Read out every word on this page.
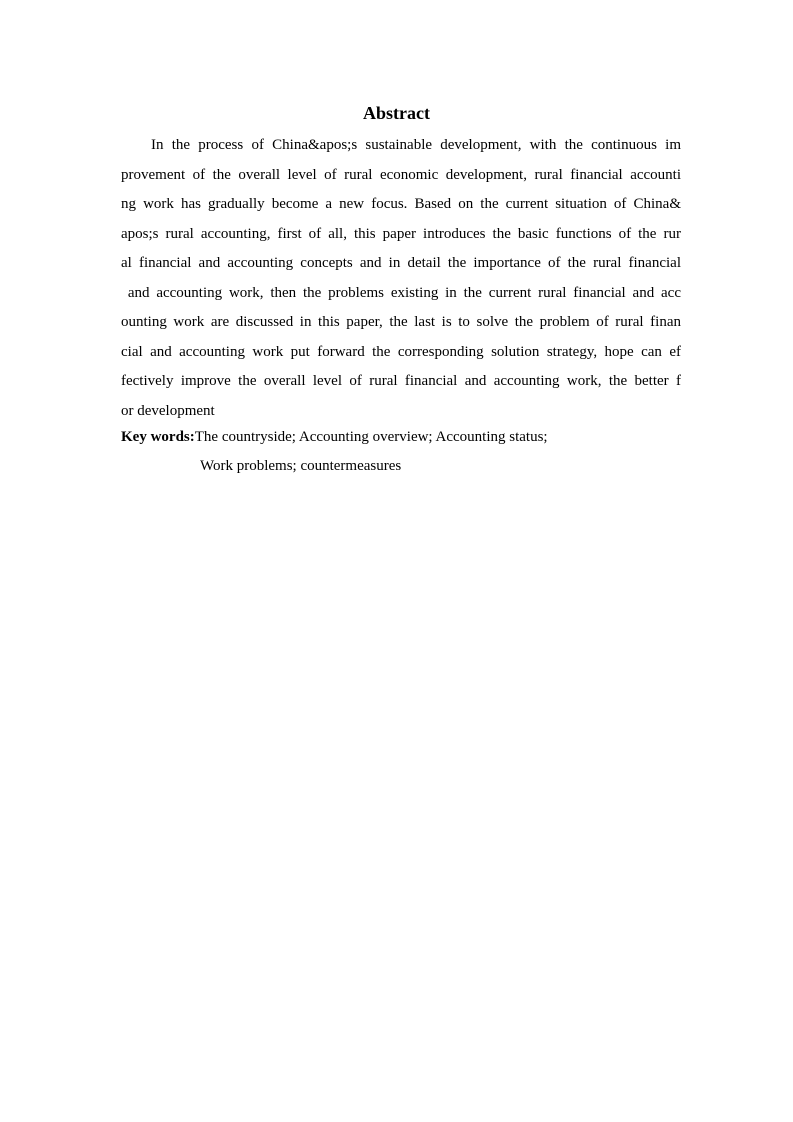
Abstract
In the process of China&apos;s sustainable development, with the continuous im
provement of the overall level of rural economic development, rural financial accounti
ng work has gradually become a new focus. Based on the current situation of China&
apos;s rural accounting, first of all, this paper introduces the basic functions of the rur
al financial and accounting concepts and in detail the importance of the rural financial
and accounting work, then the problems existing in the current rural financial and acc
ounting work are discussed in this paper, the last is to solve the problem of rural finan
cial and accounting work put forward the corresponding solution strategy, hope can ef
fectively improve the overall level of rural financial and accounting work, the better f
or development
Key words:The countryside; Accounting overview; Accounting status;
Work problems; countermeasures
